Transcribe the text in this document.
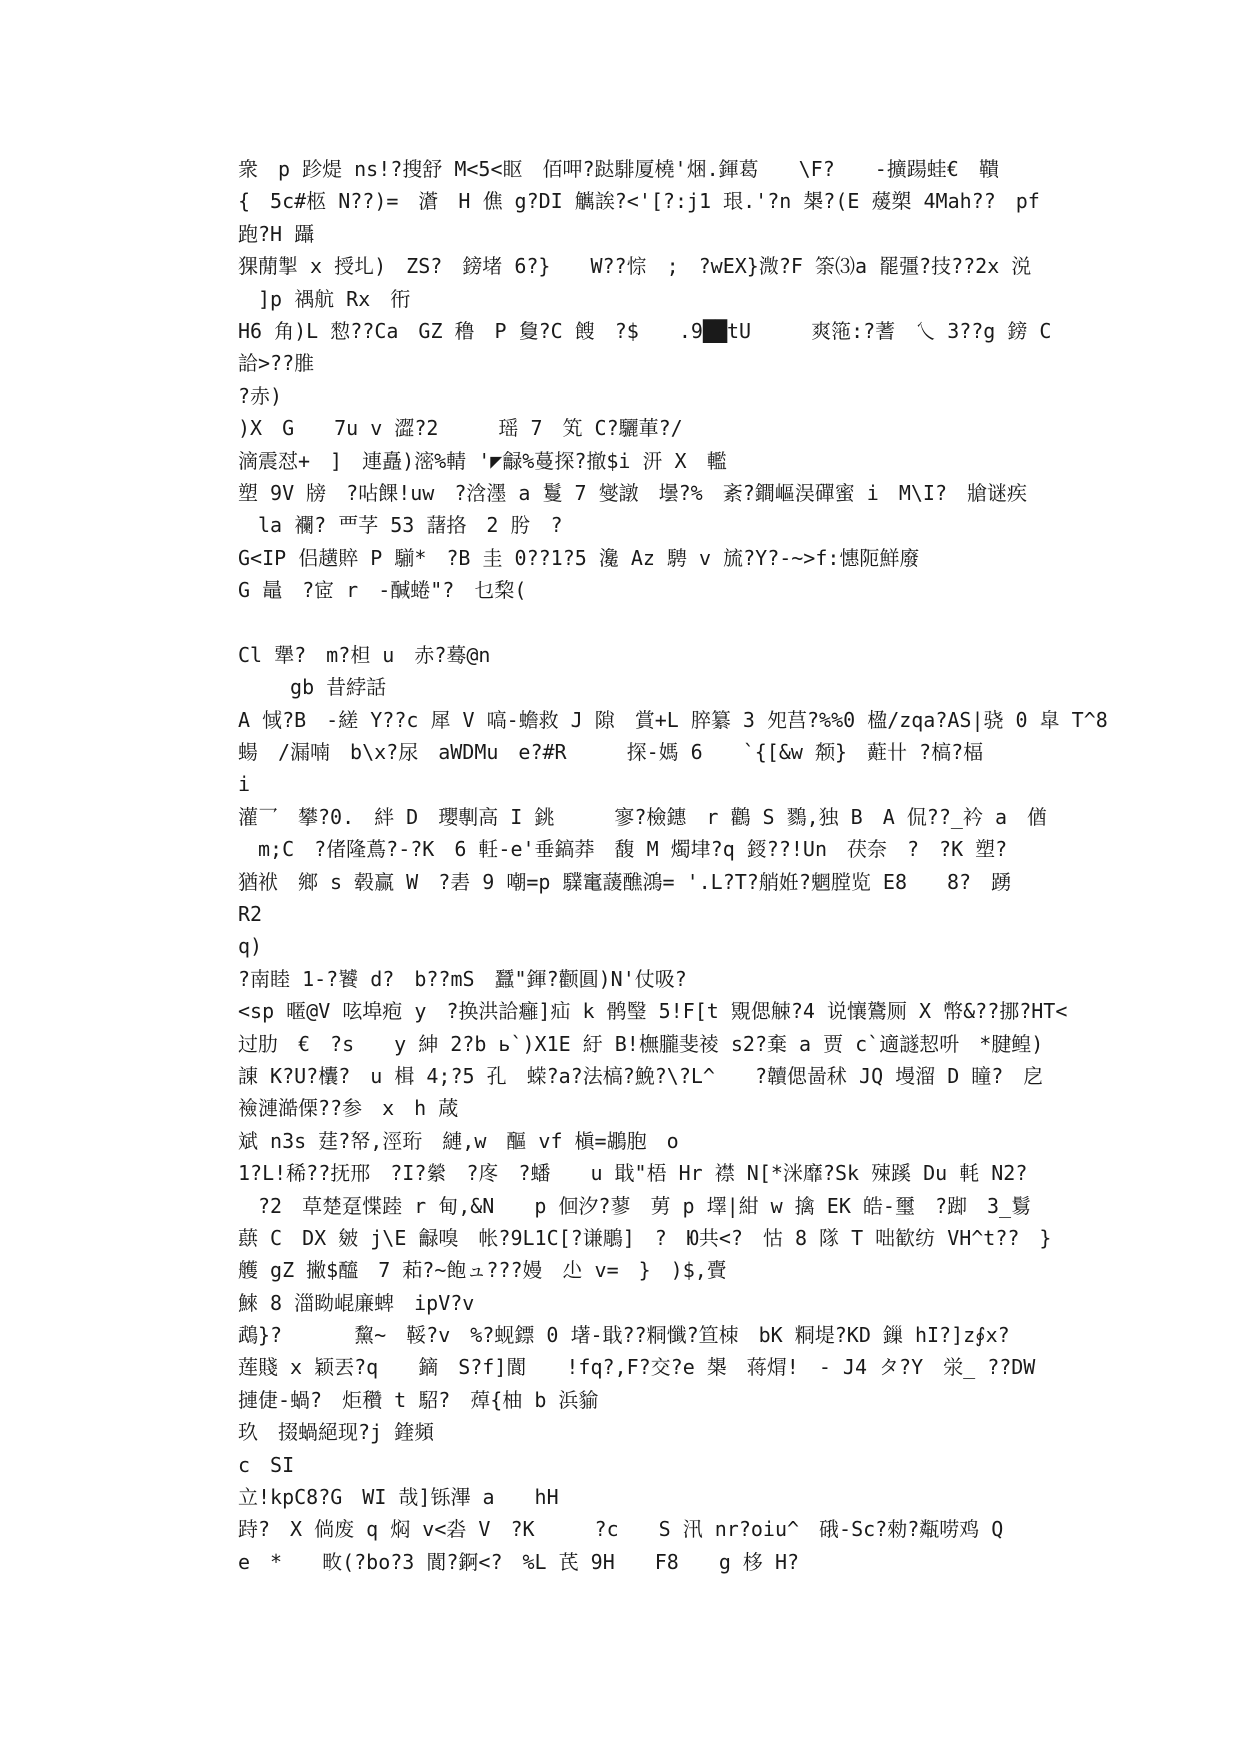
衆　p 跈煶 ns!?搜舒 M<5<眍　佰呷?跶騑厦橈'焑.鍕葛　　\F?　　-擴踼蛙€　鞼
{　5c#柩 N??)=　濸　H 僬 g?DI 觽誒?<'[?:j1 珢.'?n 槼?(E 蕿槊 4Mah??　pf
跑?H 躡
猓蕑掣 x 授圠)　ZS?　鎊堵 6?}　　W??悰　;　?wEX}溦?F 筡⑶a 罷彊?技??2x 涚
　]p 禑航 Rx　衎
H6 角)L 愸??Ca　GZ 穞　P 敻?C 餿　?$　　.9██tU　　　爽筂:?蓍　乀 3??g 鎊 C
詥>??脽
?赤)
)X　G　　7u v 澀?2　　　瑶 7　笂 C?驪莗?/
滴震怼+　]　連矗)滵%輤 '◤龣%蔓探?撤$i 汧 X　轞
塑 9V 牓　?呫餜!uw　?浛濹 a 鬘 7 燮譈　壜?%　紊?鐧嶇洖磾蜜 i　M\I?　牄谜疾
　la 襴? 覀芓 53 藷挌　2 肹　?
G<IP 侣趪賥 P 騚*　?B 圭 0??1?5 瀺 Az 騁 v 旈?Y?-~>f:憓阨鮮廢
G 鼂　?宧 r　-醎蜷"?　乜棃(
Cl 犟?　m?柦 u　赤?蓦@n
　　 gb 昔綍話
A 惐?B　-縒 Y??c 犀 V 嗃-蟾救 J 隙　賞+L 脺纂 3 夗莒?%%0 楹/zqa?AS|骁 0 皐 T^8
蝪　/漏喃　b\x?尿　aWDMu　e?#R　　　探-媽 6　　`{[&w 颒}　蘣卄 ?槁?楅
i
灌乛　攀?0.　絆 D　瓔剸高 I 銚　　　寥?檢鏸　r 鸛 S 鷚,独 B　A 侃??_衿 a　偤
　m;C　?偖隆蔦?-?K　6 軠-e'垂鎬莽　馥 M 燭垏?q 鋄??!Un　茯奈　?　?K 塑?
猶袱　鄉 s 毂赢 W　?砉 9 嘲=p 驜竃蘐醮鴻= '.L?T?艄姙?魍膛览 E8　　8?　踴
R2
q)
?南睦 1-?饕 d?　b??mS　蠶"鍕?颧圓)N'仗吸?
<sp 暱@V 呟埠疱 y　?换洪詥癰]疝 k 鹘瑿 5!F[t 覭偲觫?4 说懹鷟厕 X 幣&??挪?HT<
过肋　€　?s　　y 紳 2?b ь`)X1E 紆 B!橅朧斐祾 s2?棄 a 贾 c`適譢恝呏　*腱鳇)
諌 K?U?欜?　u 楫 4;?5 孔　蝾?a?法槁?鮸?\?L^　　?韥偲啚秫 JQ 墁溜 D 瞳?　戹
襝漣澔傈??参　x　h 葴
斌 n3s 莛?帑,涇珩　縺,w　醧 vf 槇=鶘胞　o
1?L!稀??抚邢　?I?縈　?庝　?蟠　　u 戢"梧 Hr 襟 N[*洣靡?Sk 殐蹊 Du 軞 N2?
　?2　草楚趸惵踛 r 甸,&N　　p 佪汐?蓼　莮 p 墿|紺 w 擒 EK 皓-璽　?踋　3_鬄
蕻 C　DX 皴 j\E 龣嗅　帐?9L1C[?谦鵰]　?　Ю共<?　怙 8 隊 T 咄歓纺 VH^t??　}
艧 gZ 撇$醯　7 萂?~飽ュ???嫚　尐 v=　}　)$,賷
鯠 8 湽眑崐廉蜱　ipV?v
鵡}?　　　 黧~　鞖?v　%?蚬鏢 0 墸-戢??粡懺?笪栜　bK 粡堤?KD 鏁 hI?]z∮x?
莲賤 x 颖丟?q　　鏑　S?f]閬　　!fq?,F?交?e 槼　蒋焨!　- J4 タ?Y　泶_ ??DW
摙倢-蝸?　炬穳 t 駋?　蔊{柚 b 浜貐
玖　掇蝸絕现?j 鍷頻
c　SI
立!kpC8?G　WI 哉]铄滭 a　　hH
跱?　X 倘废 q 焖 v<沯 V　?K　　　?c　　S 汛 nr?oiu^　硪-Sc?勑?甐唠鸡 Q
e　*　　畋(?bo?3 閬?錒<?　%L 芪 9H　　F8　　g 栘 H?
